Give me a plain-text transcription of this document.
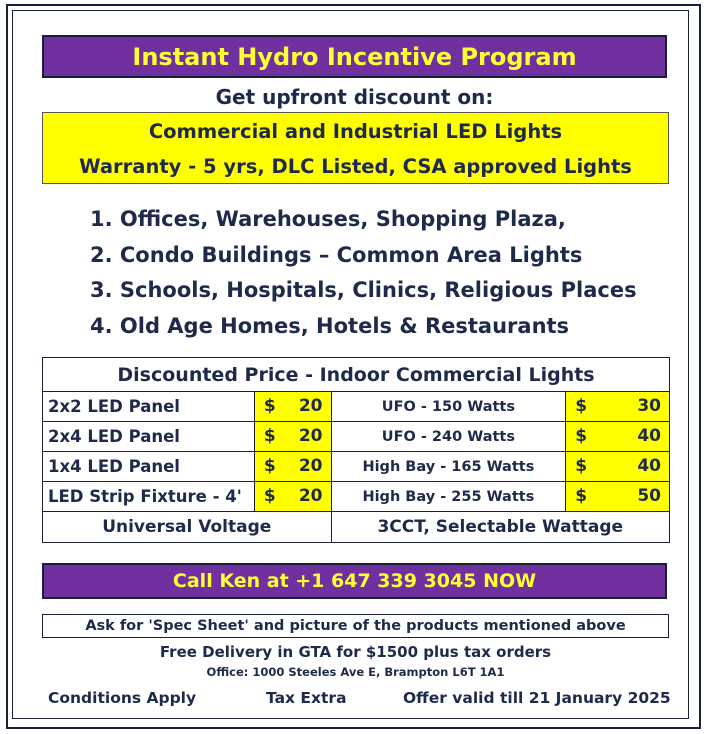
Instant Hydro Incentive Program
Get upfront discount on:
Commercial and Industrial LED Lights
Warranty - 5 yrs, DLC Listed, CSA approved Lights
1. Offices, Warehouses, Shopping Plaza,
2. Condo Buildings – Common Area Lights
3. Schools, Hospitals, Clinics, Religious Places
4. Old Age Homes, Hotels & Restaurants
Discounted Price - Indoor Commercial Lights			
2x2 LED Panel	$ 20	UFO - 150 Watts	$ 30

2x4 LED Panel	$ 20	UFO - 240 Watts	$ 40

1x4 LED Panel	$ 20	High Bay - 165 Watts	$ 40

LED Strip Fixture - 4'	$ 20	High Bay - 255 Watts	$ 50

Universal Voltage		3CCT, Selectable Wattage	
Call Ken at +1 647 339 3045 NOW
Ask for 'Spec Sheet' and picture of the products mentioned above
Free Delivery in GTA for $1500 plus tax orders
Office: 1000 Steeles Ave E, Brampton L6T 1A1
Conditions Apply	Tax Extra	Offer valid till 21 January 2025
